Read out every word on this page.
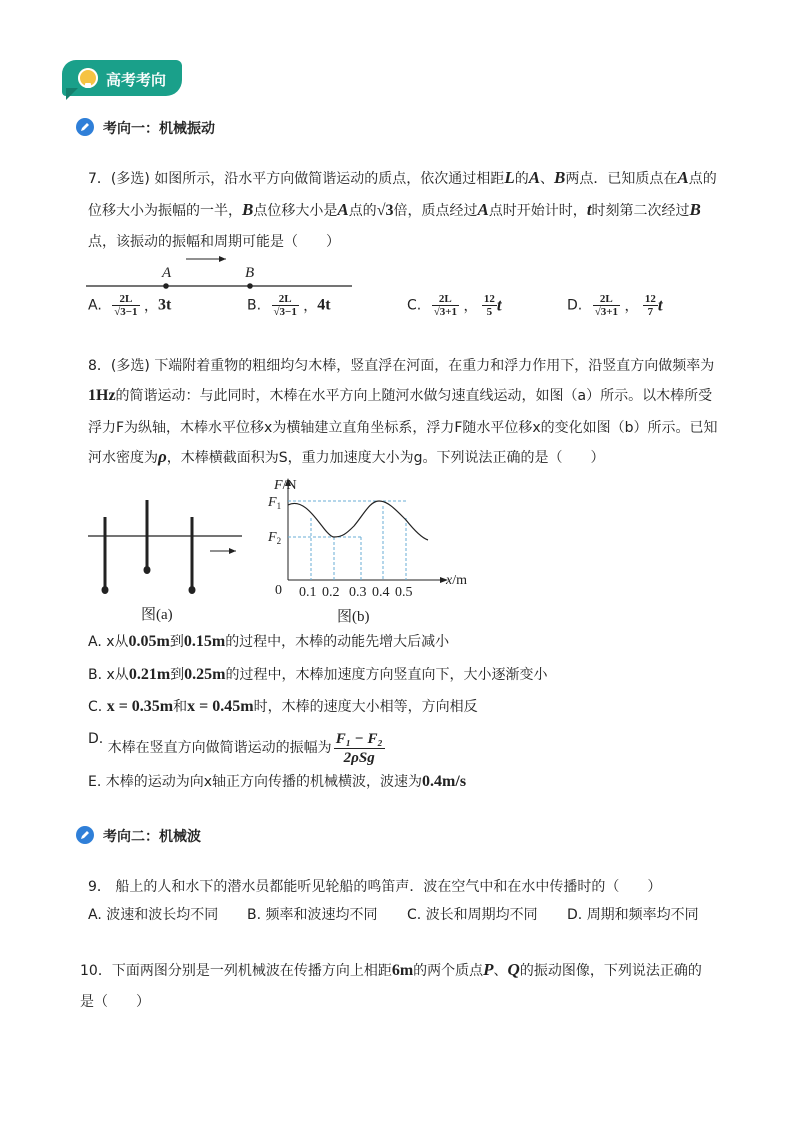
高考考向
考向一：机械振动
7．(多选) 如图所示，沿水平方向做简谐运动的质点，依次通过相距L的A、B两点．已知质点在A点的
位移大小为振幅的一半，B点位移大小是A点的√3倍，质点经过A点时开始计时，t时刻第二次经过B
点，该振动的振幅和周期可能是（　　）
A	B
A. $\frac{2L}{√3-1}$ ，3t	B. $\frac{2L}{√3-1}$ ，4t	C. $\frac{2L}{√3+1}$ ， $\frac{12}{5}$ t	D. $\frac{2L}{√3+1}$ ， $\frac{12}{7}$ t
8．(多选) 下端附着重物的粗细均匀木棒，竖直浮在河面，在重力和浮力作用下，沿竖直方向做频率为
1Hz的简谐运动：与此同时，木棒在水平方向上随河水做匀速直线运动，如图（a）所示。以木棒所受
浮力F为纵轴，木棒水平位移x为横轴建立直角坐标系，浮力F随水平位移x的变化如图（b）所示。已知
河水密度为ρ，木棒横截面积为S，重力加速度大小为g。下列说法正确的是（　　）
图(a)
F/N
$F_1$
$F_2$
0 0.1 0.2 0.3 0.4 0.5
x/m
图(b)
A. x从0.05m到0.15m的过程中，木棒的动能先增大后减小
B. x从0.21m到0.25m的过程中，木棒加速度方向竖直向下，大小逐渐变小
C. x = 0.35m和x = 0.45m时，木棒的速度大小相等，方向相反
D. 木棒在竖直方向做简谐运动的振幅为 $\frac{\text{F₁ − F₂}}{\text{2ρSg}}$
E. 木棒的运动为向x轴正方向传播的机械横波，波速为0.4m/s
考向二：机械波
9． 船上的人和水下的潜水员都能听见轮船的鸣笛声．波在空气中和在水中传播时的（　　）
A. 波速和波长均不同 B. 频率和波速均不同 C. 波长和周期均不同 D. 周期和频率均不同
10．下面两图分别是一列机械波在传播方向上相距6m的两个质点P、Q的振动图像，下列说法正确的
是（　　）
